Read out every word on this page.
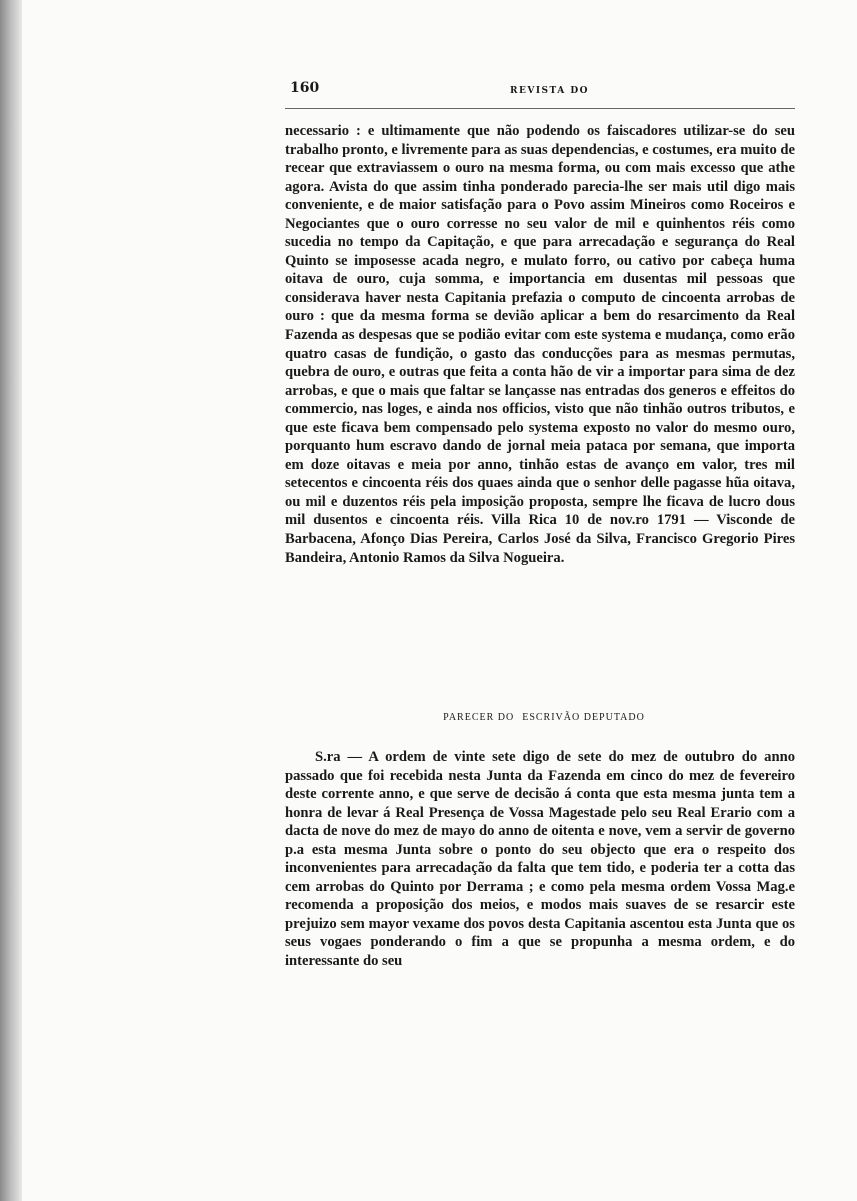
160	REVISTA DO
necessario : e ultimamente que não podendo os faiscadores utilizar-se do seu trabalho pronto, e livremente para as suas dependencias, e costumes, era muito de recear que extraviassem o ouro na mesma forma, ou com mais excesso que athe agora. Avista do que assim tinha ponderado parecia-lhe ser mais util digo mais conveniente, e de maior satisfação para o Povo assim Mineiros como Roceiros e Negociantes que o ouro corresse no seu valor de mil e quinhentos réis como sucedia no tempo da Capitação, e que para arrecadação e segurança do Real Quinto se imposesse acada negro, e mulato forro, ou cativo por cabeça huma oitava de ouro, cuja somma, e importancia em dusentas mil pessoas que considerava haver nesta Capitania prefazia o computo de cincoenta arrobas de ouro : que da mesma forma se devião aplicar a bem do resarcimento da Real Fazenda as despesas que se podião evitar com este systema e mudança, como erão quatro casas de fundição, o gasto das conducções para as mesmas permutas, quebra de ouro, e outras que feita a conta hão de vir a importar para sima de dez arrobas, e que o mais que faltar se lançasse nas entradas dos generos e effeitos do commercio, nas loges, e ainda nos officios, visto que não tinhão outros tributos, e que este ficava bem compensado pelo systema exposto no valor do mesmo ouro, porquanto hum escravo dando de jornal meia pataca por semana, que importa em doze oitavas e meia por anno, tinhão estas de avanço em valor, tres mil setecentos e cincoenta réis dos quaes ainda que o senhor delle pagasse hũa oitava, ou mil e duzentos réis pela imposição proposta, sempre lhe ficava de lucro dous mil dusentos e cincoenta réis. Villa Rica 10 de nov.ro 1791 — Visconde de Barbacena, Afonço Dias Pereira, Carlos José da Silva, Francisco Gregorio Pires Bandeira, Antonio Ramos da Silva Nogueira.
PARECER DO ESCRIVÃO DEPUTADO
S.ra — A ordem de vinte sete digo de sete do mez de outubro do anno passado que foi recebida nesta Junta da Fazenda em cinco do mez de fevereiro deste corrente anno, e que serve de decisão á conta que esta mesma junta tem a honra de levar á Real Presença de Vossa Magestade pelo seu Real Erario com a dacta de nove do mez de mayo do anno de oitenta e nove, vem a servir de governo p.a esta mesma Junta sobre o ponto do seu objecto que era o respeito dos inconvenientes para arrecadação da falta que tem tido, e poderia ter a cotta das cem arrobas do Quinto por Derrama ; e como pela mesma ordem Vossa Mag.e recomenda a proposição dos meios, e modos mais suaves de se resarcir este prejuizo sem mayor vexame dos povos desta Capitania ascentou esta Junta que os seus vogaes ponderando o fim a que se propunha a mesma ordem, e do interessante do seu
